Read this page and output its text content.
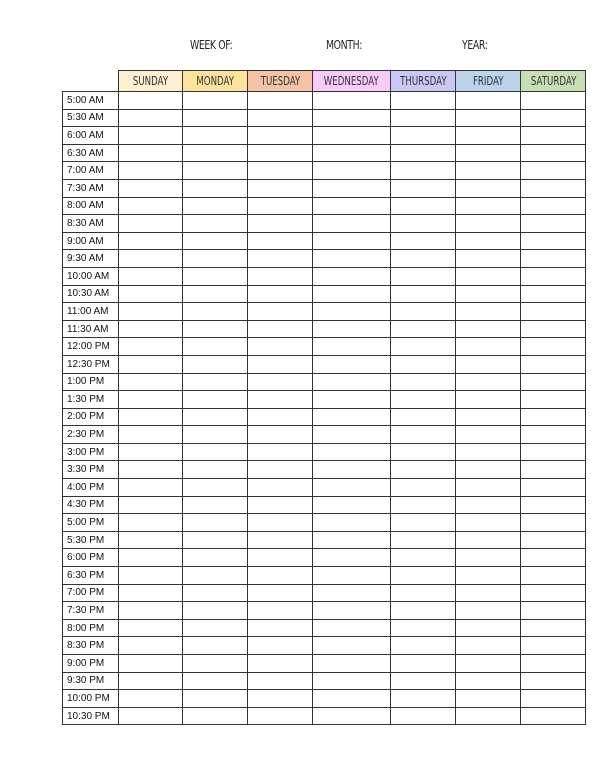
WEEK OF:	MONTH:	YEAR:
	SUNDAY	MONDAY	TUESDAY	WEDNESDAY	THURSDAY	FRIDAY	SATURDAY
5:00 AM							
5:30 AM							
6:00 AM							
6:30 AM							
7:00 AM							
7:30 AM							
8:00 AM							
8:30 AM							
9:00 AM							
9:30 AM							
10:00 AM							
10:30 AM							
11:00 AM							
11:30 AM							
12:00 PM							
12:30 PM							
1:00 PM							
1:30 PM							
2:00 PM							
2:30 PM							
3:00 PM							
3:30 PM							
4:00 PM							
4:30 PM							
5:00 PM							
5:30 PM							
6:00 PM							
6:30 PM							
7:00 PM							
7:30 PM							
8:00 PM							
8:30 PM							
9:00 PM							
9:30 PM							
10:00 PM							
10:30 PM							
